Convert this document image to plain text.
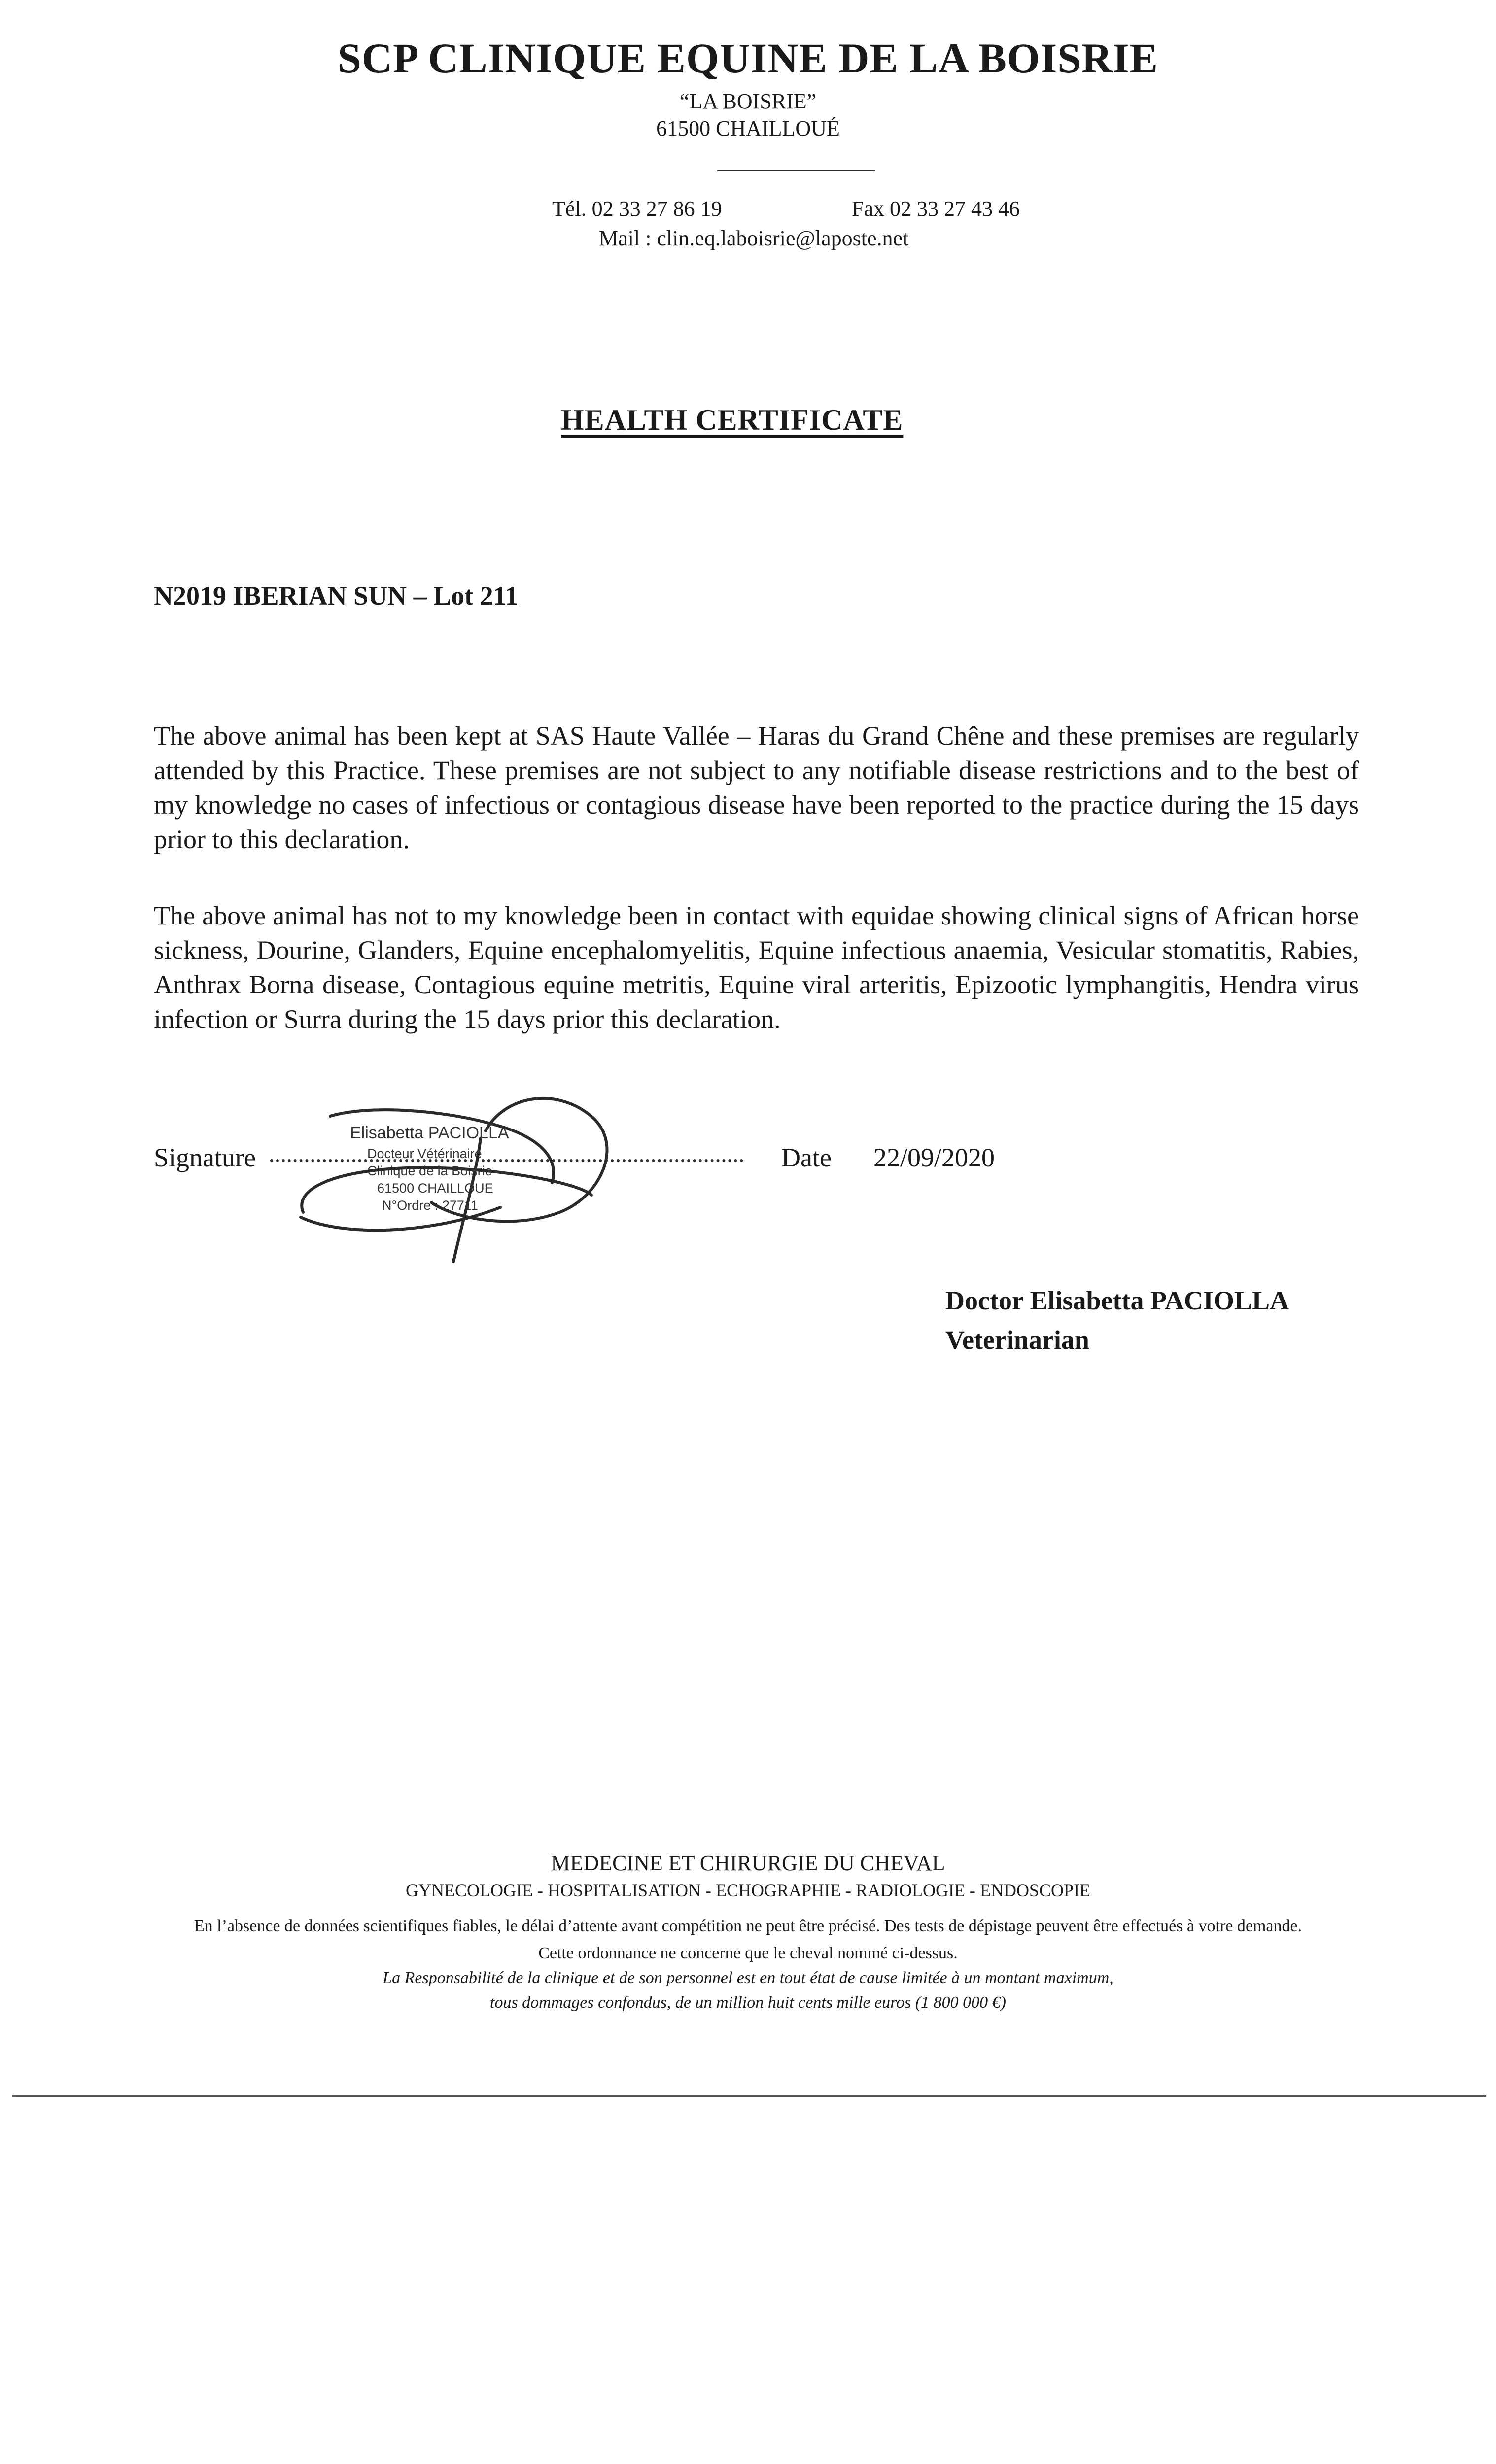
SCP CLINIQUE EQUINE DE LA BOISRIE
“LA BOISRIE”
61500 CHAILLOUÉ
Tél. 02 33 27 86 19	Fax 02 33 27 43 46
Mail : clin.eq.laboisrie@laposte.net
HEALTH CERTIFICATE
N2019 IBERIAN SUN – Lot 211
The above animal has been kept at SAS Haute Vallée – Haras du Grand Chêne and these premises are regularly attended by this Practice. These premises are not subject to any notifiable disease restrictions and to the best of my knowledge no cases of infectious or contagious disease have been reported to the practice during the 15 days prior to this declaration.
The above animal has not to my knowledge been in contact with equidae showing clinical signs of African horse sickness, Dourine, Glanders, Equine encephalomyelitis, Equine infectious anaemia, Vesicular stomatitis, Rabies, Anthrax Borna disease, Contagious equine metritis, Equine viral arteritis, Epizootic lymphangitis, Hendra virus infection or Surra during the 15 days prior this declaration.
Signature
Elisabetta PACIOLLA
Docteur Vétérinaire
Clinique de la Boisrie
61500 CHAILLOUE
N°Ordre : 27711
Date 22/09/2020
Doctor Elisabetta PACIOLLA
Veterinarian
MEDECINE ET CHIRURGIE DU CHEVAL
GYNECOLOGIE - HOSPITALISATION - ECHOGRAPHIE - RADIOLOGIE - ENDOSCOPIE
En l’absence de données scientifiques fiables, le délai d’attente avant compétition ne peut être précisé. Des tests de dépistage peuvent être effectués à votre demande.
Cette ordonnance ne concerne que le cheval nommé ci-dessus.
La Responsabilité de la clinique et de son personnel est en tout état de cause limitée à un montant maximum,
tous dommages confondus, de un million huit cents mille euros (1 800 000 €)
